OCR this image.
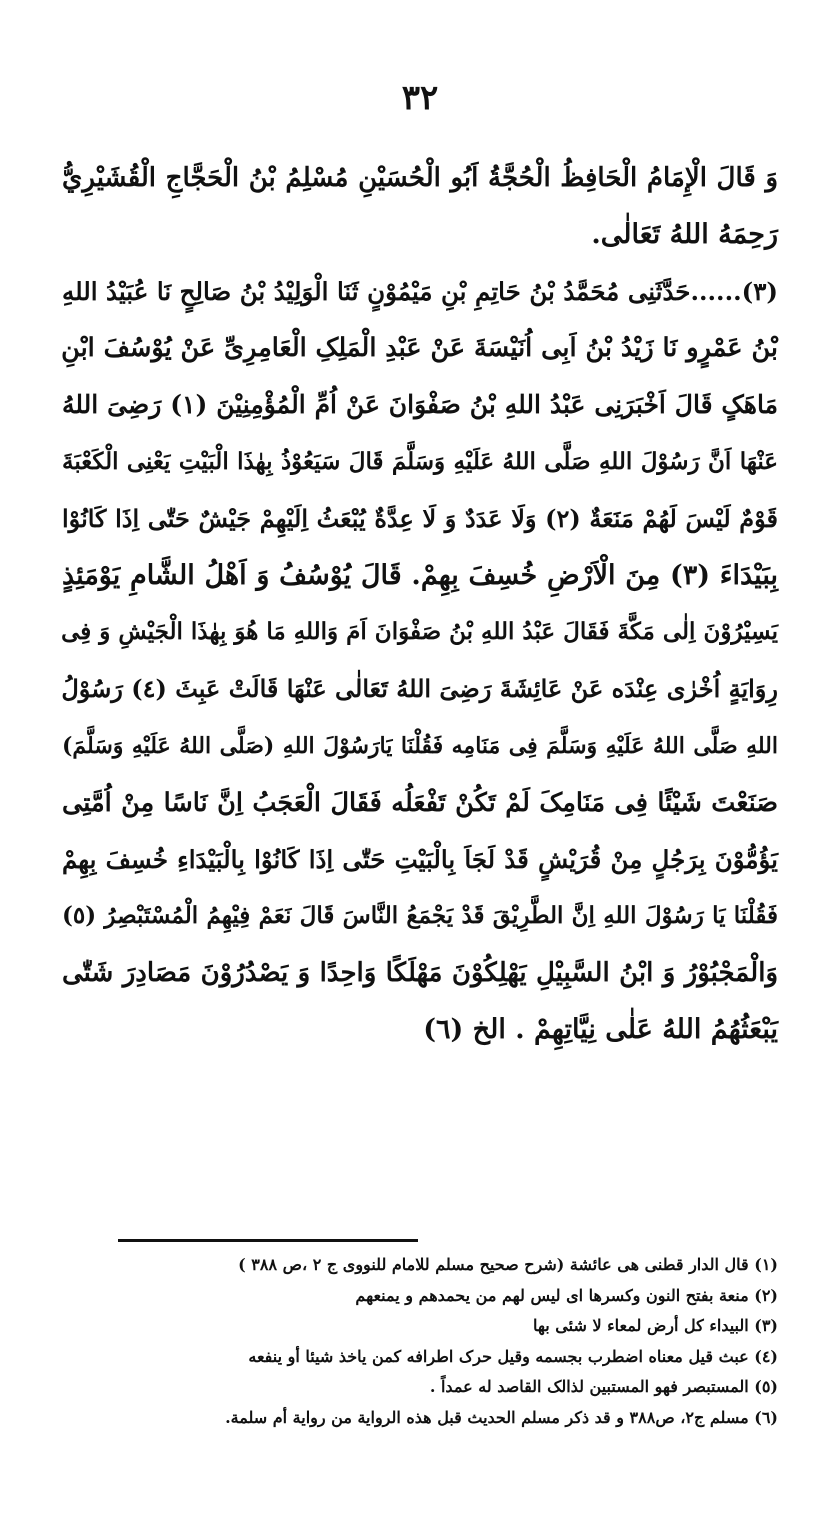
٣٢
وَ قَالَ الْإِمَامُ الْحَافِظُ الْحُجَّةُ اَبُو الْحُسَيْنِ مُسْلِمُ بْنُ الْحَجَّاجِ الْقُشَيْرِيُّ
رَحِمَهُ اللهُ تَعَالٰی.
(٣)......حَدَّثَنِی مُحَمَّدُ بْنُ حَاتِمِ بْنِ مَیْمُوْنٍ ثَنَا الْوَلِیْدُ بْنُ صَالِحٍ نَا عُبَیْدُ اللهِ
بْنُ عَمْرٍو نَا زَیْدُ بْنُ اَبِی اُنَیْسَةَ عَنْ عَبْدِ الْمَلِکِ الْعَامِرِیِّ عَنْ یُوْسُفَ ابْنِ
مَاهَکٍ قَالَ اَخْبَرَنِی عَبْدُ اللهِ بْنُ صَفْوَانَ عَنْ اُمِّ الْمُؤْمِنِیْنَ (١) رَضِیَ اللهُ
عَنْهَا اَنَّ رَسُوْلَ اللهِ صَلَّی اللهُ عَلَیْهِ وَسَلَّمَ قَالَ سَیَعُوْذُ بِهٰذَا الْبَیْتِ یَعْنِی الْکَعْبَةَ
قَوْمٌ لَیْسَ لَهُمْ مَنَعَةٌ (٢) وَلَا عَدَدٌ وَ لَا عِدَّةٌ یُبْعَثُ اِلَیْهِمْ جَیْشٌ حَتّٰی اِذَا کَانُوْا
بِبَیْدَاءَ (٣) مِنَ الْاَرْضِ خُسِفَ بِهِمْ. قَالَ یُوْسُفُ وَ اَهْلُ الشَّامِ یَوْمَئِذٍ
یَسِیْرُوْنَ اِلٰی مَکَّةَ فَقَالَ عَبْدُ اللهِ بْنُ صَفْوَانَ اَمَ وَاللهِ مَا هُوَ بِهٰذَا الْجَیْشِ وَ فِی
رِوَایَةٍ اُخْرٰی عِنْدَه عَنْ عَائِشَةَ رَضِیَ اللهُ تَعَالٰی عَنْهَا قَالَتْ عَبِثَ (٤) رَسُوْلُ
اللهِ صَلَّی اللهُ عَلَیْهِ وَسَلَّمَ فِی مَنَامِه فَقُلْنَا یَارَسُوْلَ اللهِ (صَلَّی اللهُ عَلَیْهِ وَسَلَّمَ)
صَنَعْتَ شَیْئًا فِی مَنَامِکَ لَمْ تَکُنْ تَفْعَلُه فَقَالَ الْعَجَبُ اِنَّ نَاسًا مِنْ اُمَّتِی
یَؤُمُّوْنَ بِرَجُلٍ مِنْ قُرَیْشٍ قَدْ لَجَاَ بِالْبَیْتِ حَتّٰی اِذَا کَانُوْا بِالْبَیْدَاءِ خُسِفَ بِهِمْ
فَقُلْنَا یَا رَسُوْلَ اللهِ اِنَّ الطَّرِیْقَ قَدْ یَجْمَعُ النَّاسَ قَالَ نَعَمْ فِیْهِمُ الْمُسْتَبْصِرُ (٥)
وَالْمَجْبُوْرُ وَ ابْنُ السَّبِیْلِ یَهْلِکُوْنَ مَهْلَکًا وَاحِدًا وَ یَصْدُرُوْنَ مَصَادِرَ شَتّٰی
یَبْعَثُهُمُ اللهُ عَلٰی نِیَّاتِهِمْ . الخ (٦)
(١) قال الدار قطنی هی عائشة (شرح صحیح مسلم للامام للنووی ج ٢ ،ص ٣٨٨ )
(٢) منعة بفتح النون وكسرها ای لیس لهم من یحمدهم و یمنعهم
(٣) البیداء كل أرض لمعاء لا شئی بها
(٤) عبث قیل معناه اضطرب بجسمه وقیل حرک اطرافه کمن یاخذ شیئا أو ینفعه
(٥) المستبصر فهو المستبین لذالک القاصد له عمداً .
(٦) مسلم ج٢، ص٣٨٨ و قد ذکر مسلم الحدیث قبل هذه الروایة من روایة أم سلمة.
